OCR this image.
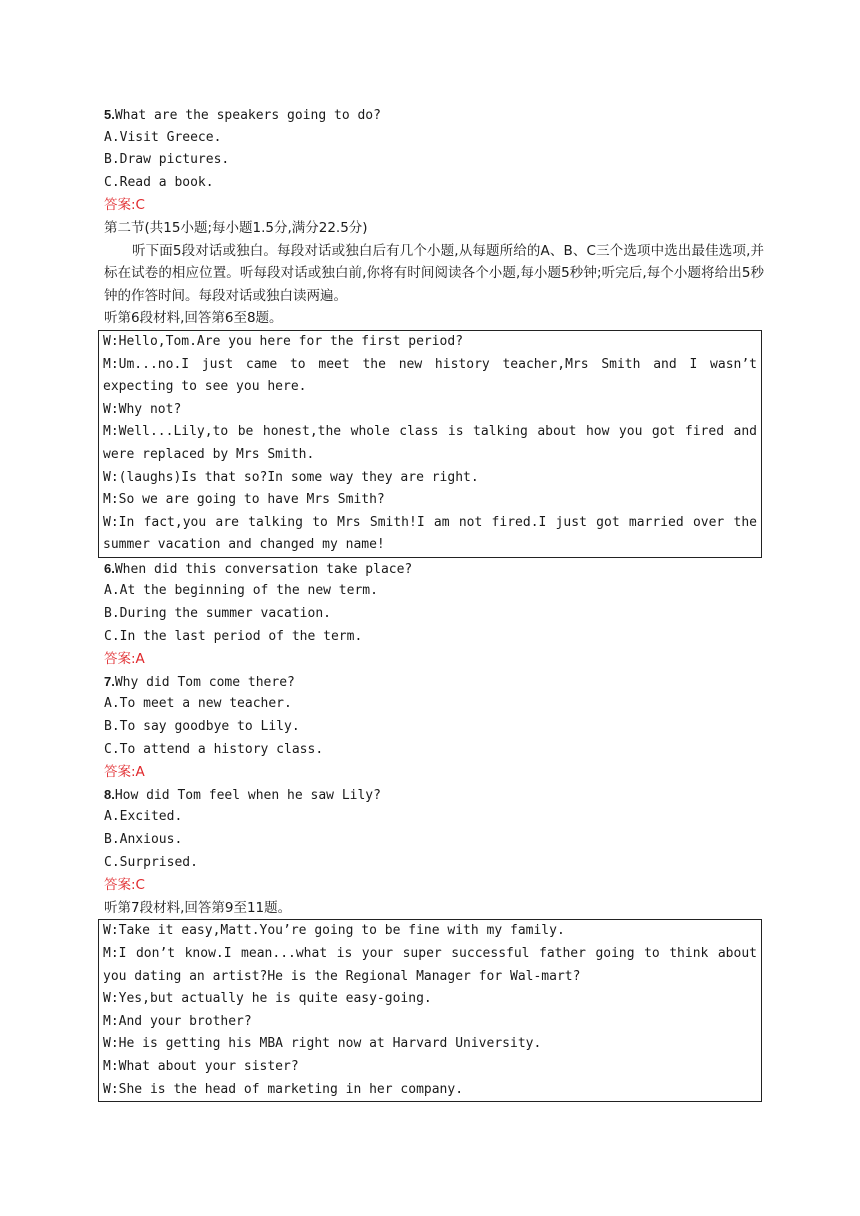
5.What are the speakers going to do?
A.Visit Greece.
B.Draw pictures.
C.Read a book.
答案:C
第二节(共15小题;每小题1.5分,满分22.5分)
听下面5段对话或独白。每段对话或独白后有几个小题,从每题所给的A、B、C三个选项中选出最佳选项,并标在试卷的相应位置。听每段对话或独白前,你将有时间阅读各个小题,每小题5秒钟;听完后,每个小题将给出5秒钟的作答时间。每段对话或独白读两遍。
听第6段材料,回答第6至8题。
W:Hello,Tom.Are you here for the first period?
M:Um...no.I just came to meet the new history teacher,Mrs Smith and I wasn’t expecting to see you here.
W:Why not?
M:Well...Lily,to be honest,the whole class is talking about how you got fired and were replaced by Mrs Smith.
W:(laughs)Is that so?In some way they are right.
M:So we are going to have Mrs Smith?
W:In fact,you are talking to Mrs Smith!I am not fired.I just got married over the summer vacation and changed my name!
6.When did this conversation take place?
A.At the beginning of the new term.
B.During the summer vacation.
C.In the last period of the term.
答案:A
7.Why did Tom come there?
A.To meet a new teacher.
B.To say goodbye to Lily.
C.To attend a history class.
答案:A
8.How did Tom feel when he saw Lily?
A.Excited.
B.Anxious.
C.Surprised.
答案:C
听第7段材料,回答第9至11题。
W:Take it easy,Matt.You’re going to be fine with my family.
M:I don’t know.I mean...what is your super successful father going to think about you dating an artist?He is the Regional Manager for Wal-mart?
W:Yes,but actually he is quite easy-going.
M:And your brother?
W:He is getting his MBA right now at Harvard University.
M:What about your sister?
W:She is the head of marketing in her company.
